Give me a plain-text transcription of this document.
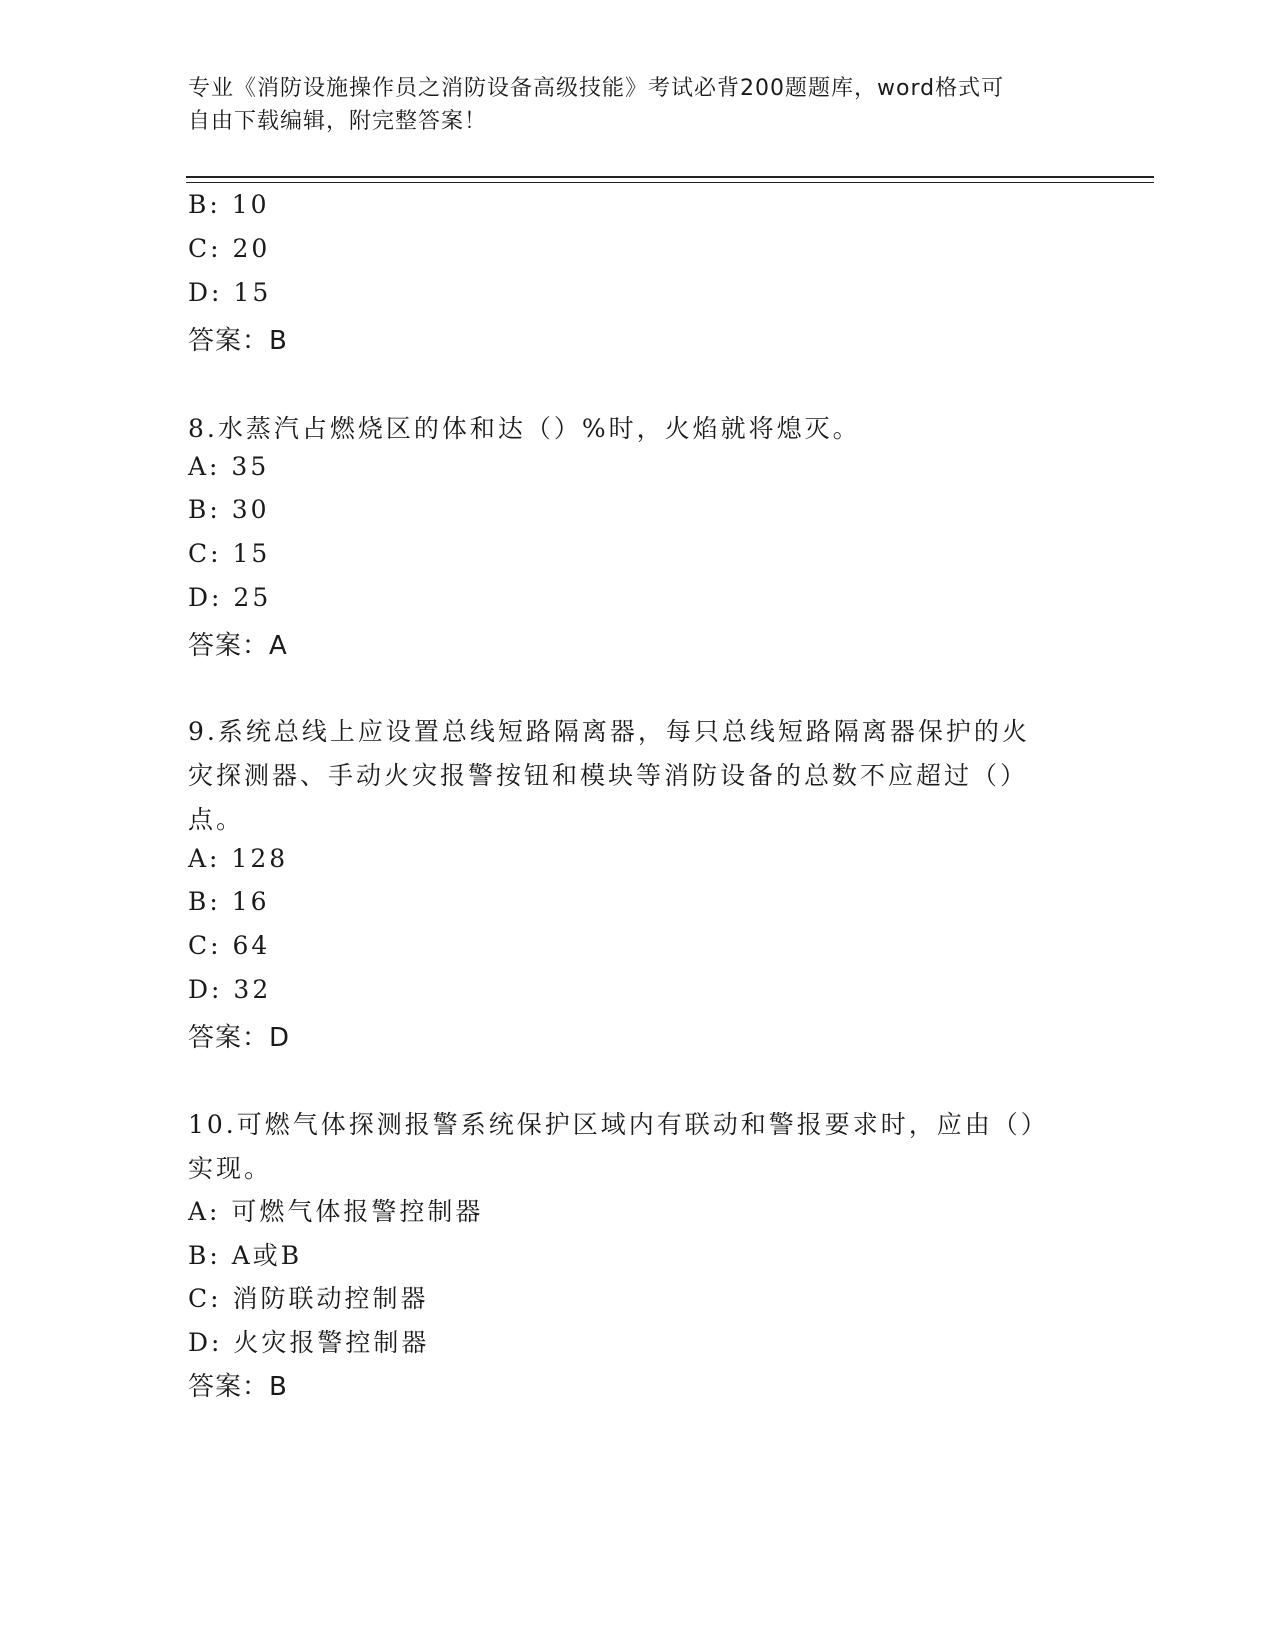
专业《消防设施操作员之消防设备高级技能》考试必背200题题库，word格式可
自由下载编辑，附完整答案！
B: 10
C: 20
D: 15
答案：B
8.水蒸汽占燃烧区的体和达（）%时，火焰就将熄灭。
A: 35
B: 30
C: 15
D: 25
答案：A
9.系统总线上应设置总线短路隔离器，每只总线短路隔离器保护的火
灾探测器、手动火灾报警按钮和模块等消防设备的总数不应超过（）
点。
A: 128
B: 16
C: 64
D: 32
答案：D
10.可燃气体探测报警系统保护区域内有联动和警报要求时，应由（）
实现。
A: 可燃气体报警控制器
B: A或B
C: 消防联动控制器
D: 火灾报警控制器
答案：B
